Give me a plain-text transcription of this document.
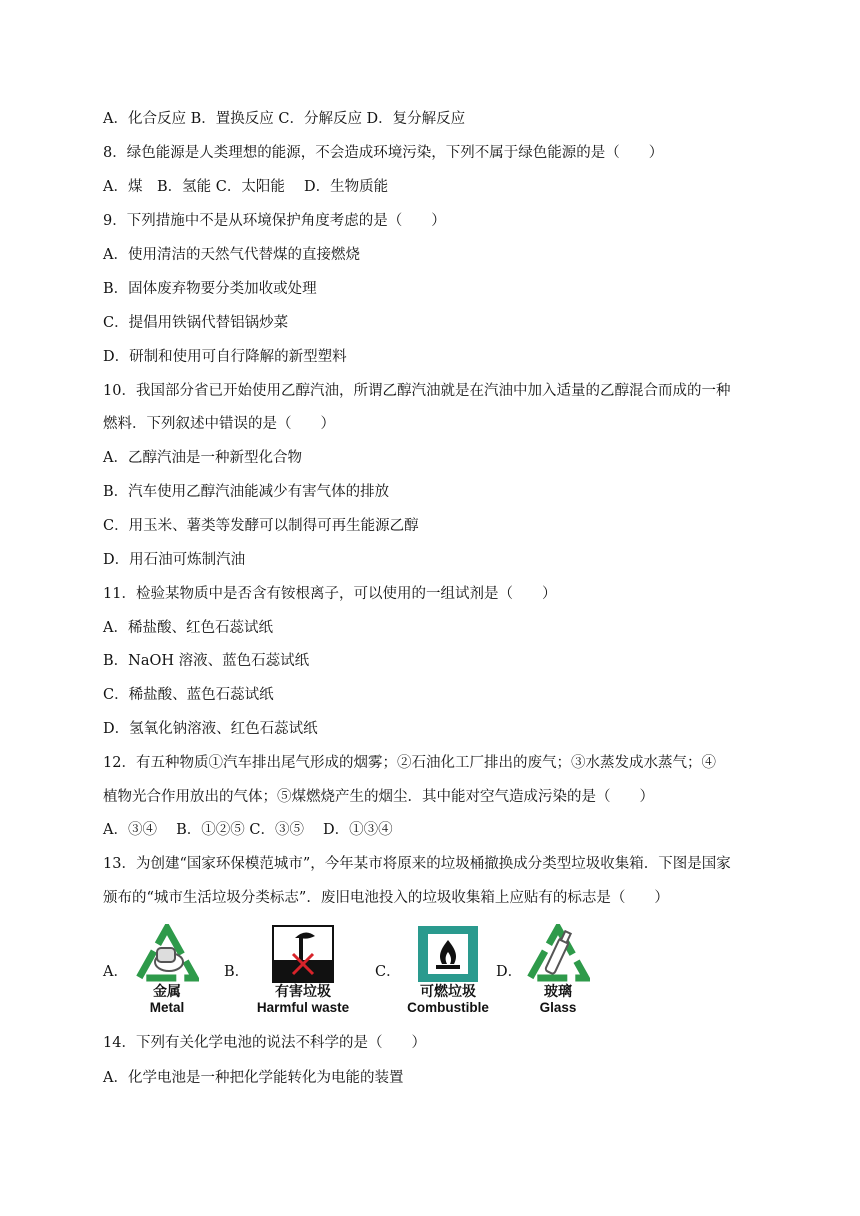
A．化合反应 B．置换反应 C．分解反应 D．复分解反应
8．绿色能源是人类理想的能源，不会造成环境污染，下列不属于绿色能源的是（　　）
A．煤　B．氢能 C．太阳能　 D．生物质能
9．下列措施中不是从环境保护角度考虑的是（　　）
A．使用清洁的天然气代替煤的直接燃烧
B．固体废弃物要分类加收或处理
C．提倡用铁锅代替铝锅炒菜
D．研制和使用可自行降解的新型塑料
10．我国部分省已开始使用乙醇汽油，所谓乙醇汽油就是在汽油中加入适量的乙醇混合而成的一种
燃料．下列叙述中错误的是（　　）
A．乙醇汽油是一种新型化合物
B．汽车使用乙醇汽油能减少有害气体的排放
C．用玉米、薯类等发酵可以制得可再生能源乙醇
D．用石油可炼制汽油
11．检验某物质中是否含有铵根离子，可以使用的一组试剂是（　　）
A．稀盐酸、红色石蕊试纸
B．NaOH 溶液、蓝色石蕊试纸
C．稀盐酸、蓝色石蕊试纸
D．氢氧化钠溶液、红色石蕊试纸
12．有五种物质①汽车排出尾气形成的烟雾；②石油化工厂排出的废气；③水蒸发成水蒸气；④
植物光合作用放出的气体；⑤煤燃烧产生的烟尘．其中能对空气造成污染的是（　　）
A．③④　 B．①②⑤ C．③⑤　 D．①③④
13．为创建“国家环保模范城市”，今年某市将原来的垃圾桶撤换成分类型垃圾收集箱．下图是国家
颁布的“城市生活垃圾分类标志”．废旧电池投入的垃圾收集箱上应贴有的标志是（　　）
A．
金属
Metal
B．
有害垃圾
Harmful waste
C．
可燃垃圾
Combustible
D．
玻璃
Glass
14．下列有关化学电池的说法不科学的是（　　）
A．化学电池是一种把化学能转化为电能的装置
